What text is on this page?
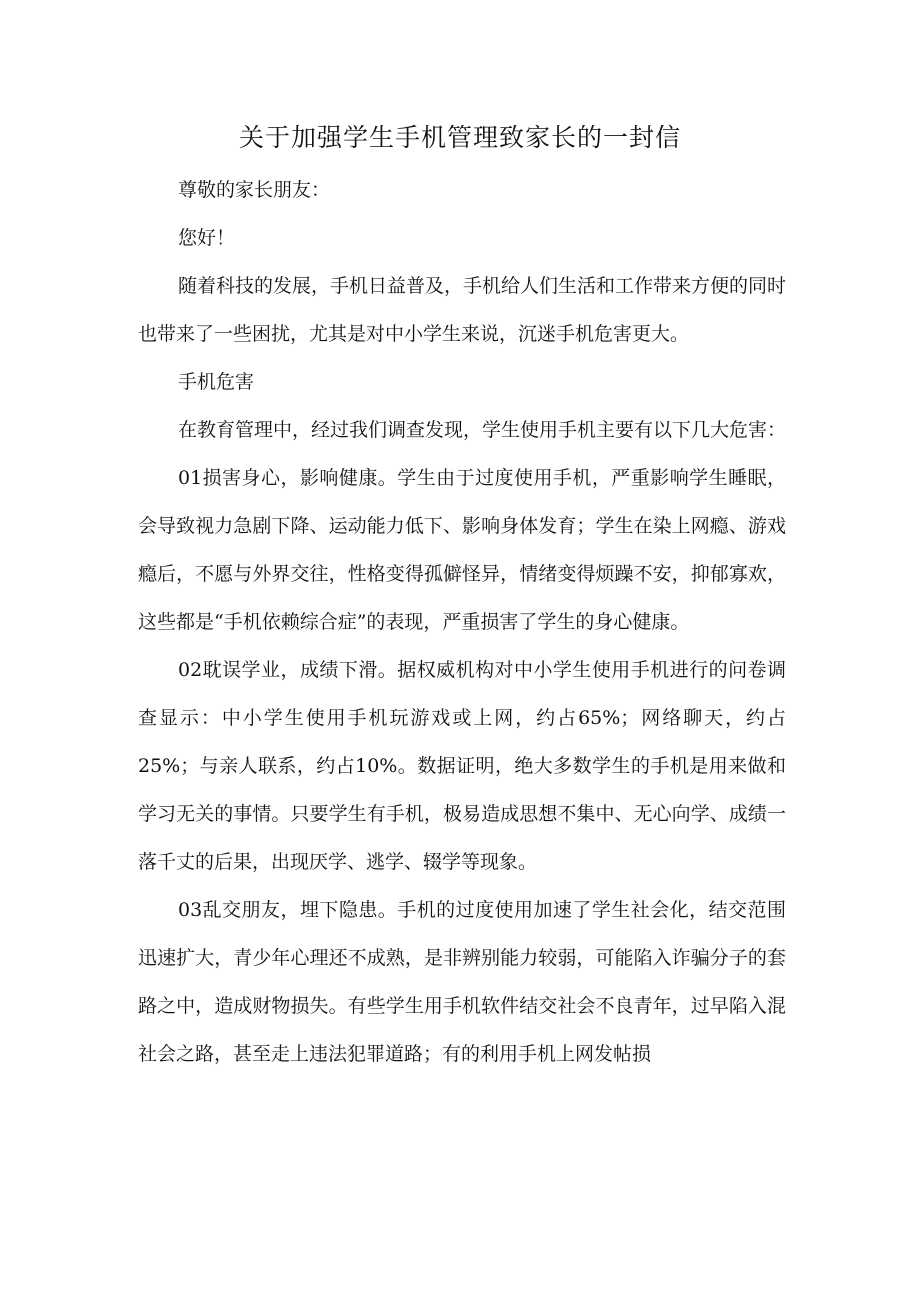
关于加强学生手机管理致家长的一封信

尊敬的家长朋友：

您好！

随着科技的发展，手机日益普及，手机给人们生活和工作带来方便的同时也带来了一些困扰，尤其是对中小学生来说，沉迷手机危害更大。

手机危害

在教育管理中，经过我们调查发现，学生使用手机主要有以下几大危害：

01损害身心，影响健康。学生由于过度使用手机，严重影响学生睡眠，会导致视力急剧下降、运动能力低下、影响身体发育；学生在染上网瘾、游戏瘾后，不愿与外界交往，性格变得孤僻怪异，情绪变得烦躁不安，抑郁寡欢，这些都是“手机依赖综合症”的表现，严重损害了学生的身心健康。

02耽误学业，成绩下滑。据权威机构对中小学生使用手机进行的问卷调查显示：中小学生使用手机玩游戏或上网，约占65%；网络聊天，约占25%；与亲人联系，约占10%。数据证明，绝大多数学生的手机是用来做和学习无关的事情。只要学生有手机，极易造成思想不集中、无心向学、成绩一落千丈的后果，出现厌学、逃学、辍学等现象。

03乱交朋友，埋下隐患。手机的过度使用加速了学生社会化，结交范围迅速扩大，青少年心理还不成熟，是非辨别能力较弱，可能陷入诈骗分子的套路之中，造成财物损失。有些学生用手机软件结交社会不良青年，过早陷入混社会之路，甚至走上违法犯罪道路；有的利用手机上网发帖损
